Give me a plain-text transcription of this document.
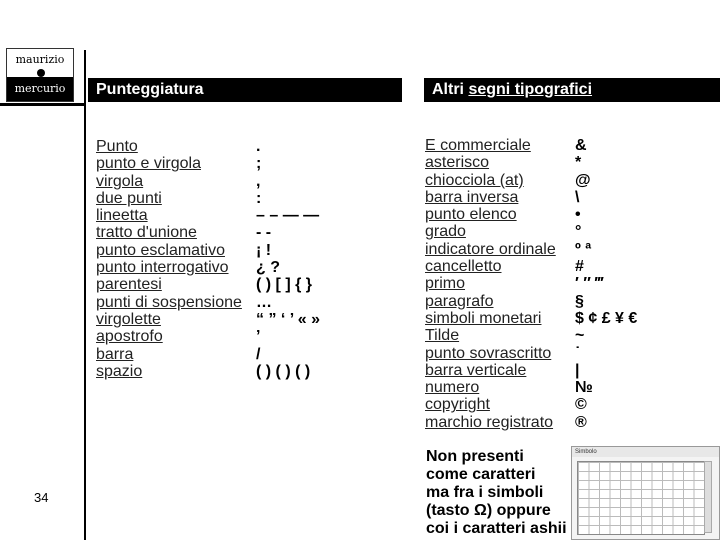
maurizio
mercurio	Punteggiatura	Altri segni tipografici
Punto
punto e virgola
virgola
due punti
lineetta
tratto d'unione
punto esclamativo
punto interrogativo
parentesi
punti di sospensione
virgolette
apostrofo
barra
spazio
.
;
,
:
– – — —
- -
¡ !
¿ ?
( ) [ ] { }
…
“ ” ‘ ’ « »
’
/
( ) ( ) ( )
E commerciale
asterisco
chiocciola (at)
barra inversa
punto elenco
grado
indicatore ordinale
cancelletto
primo
paragrafo
simboli monetari
Tilde
punto sovrascritto
barra verticale
numero
copyright
marchio registrato
&
*
@
\
•
°
º ª
#
′ ″ ‴
§
$ ¢ £ ¥ €
~
˙
|
№
©
®
Non presenti
come caratteri
ma fra i simboli
(tasto Ω) oppure
coi i caratteri ashii
34
Simbolo
